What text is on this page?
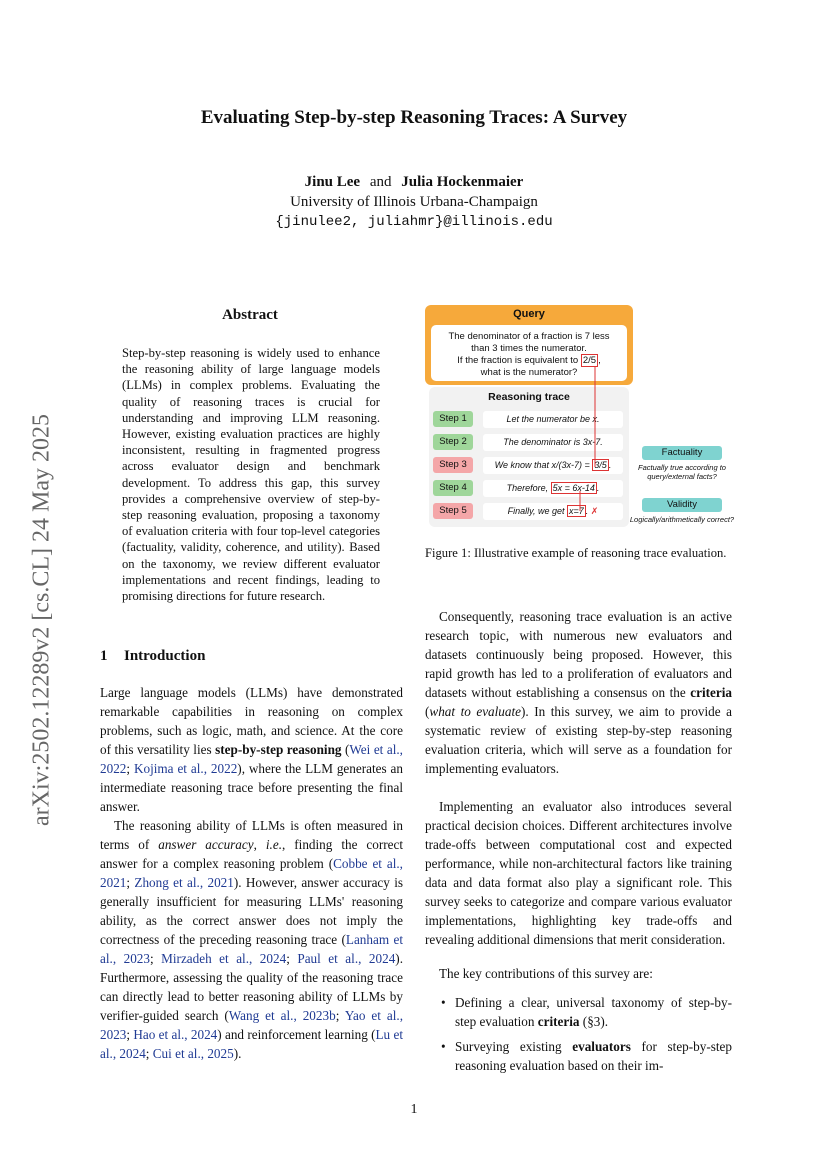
Evaluating Step-by-step Reasoning Traces: A Survey
Jinu Lee and Julia Hockenmaier
University of Illinois Urbana-Champaign
{jinulee2, juliahmr}@illinois.edu
arXiv:2502.12289v2 [cs.CL] 24 May 2025
Abstract
Step-by-step reasoning is widely used to enhance the reasoning ability of large language models (LLMs) in complex problems. Evaluating the quality of reasoning traces is crucial for understanding and improving LLM reasoning. However, existing evaluation practices are highly inconsistent, resulting in fragmented progress across evaluator design and benchmark development. To address this gap, this survey provides a comprehensive overview of step-by-step reasoning evaluation, proposing a taxonomy of evaluation criteria with four top-level categories (factuality, validity, coherence, and utility). Based on the taxonomy, we review different evaluator implementations and recent findings, leading to promising directions for future research.
1 Introduction
Large language models (LLMs) have demonstrated remarkable capabilities in reasoning on complex problems, such as logic, math, and science. At the core of this versatility lies step-by-step reasoning (Wei et al., 2022; Kojima et al., 2022), where the LLM generates an intermediate reasoning trace before presenting the final answer.
The reasoning ability of LLMs is often measured in terms of answer accuracy, i.e., finding the correct answer for a complex reasoning problem (Cobbe et al., 2021; Zhong et al., 2021). However, answer accuracy is generally insufficient for measuring LLMs' reasoning ability, as the correct answer does not imply the correctness of the preceding reasoning trace (Lanham et al., 2023; Mirzadeh et al., 2024; Paul et al., 2024). Furthermore, assessing the quality of the reasoning trace can directly lead to better reasoning ability of LLMs by verifier-guided search (Wang et al., 2023b; Yao et al., 2023; Hao et al., 2024) and reinforcement learning (Lu et al., 2024; Cui et al., 2025).
Query
The denominator of a fraction is 7 less
than 3 times the numerator.
If the fraction is equivalent to 2/5 ,
what is the numerator?
Reasoning trace
Step 1	Let the numerator be x.
Step 2	The denominator is 3x-7.
Step 3	We know that x/(3x-7) = 3/5 .
Step 4	Therefore, 5x = 6x-14 .
Step 5	Finally, we get x=7 . ✗
Factuality
Factually true according to query/external facts?
Validity
Logically/arithmetically correct?
Figure 1: Illustrative example of reasoning trace evaluation.
Consequently, reasoning trace evaluation is an active research topic, with numerous new evaluators and datasets continuously being proposed. However, this rapid growth has led to a proliferation of evaluators and datasets without establishing a consensus on the criteria (what to evaluate). In this survey, we aim to provide a systematic review of existing step-by-step reasoning evaluation criteria, which will serve as a foundation for implementing evaluators.
Implementing an evaluator also introduces several practical decision choices. Different architectures involve trade-offs between computational cost and expected performance, while non-architectural factors like training data and data format also play a significant role. This survey seeks to categorize and compare various evaluator implementations, highlighting key trade-offs and revealing additional dimensions that merit consideration.
The key contributions of this survey are:
• Defining a clear, universal taxonomy of step-by-step evaluation criteria (§3).
• Surveying existing evaluators for step-by-step reasoning evaluation based on their im-
1
